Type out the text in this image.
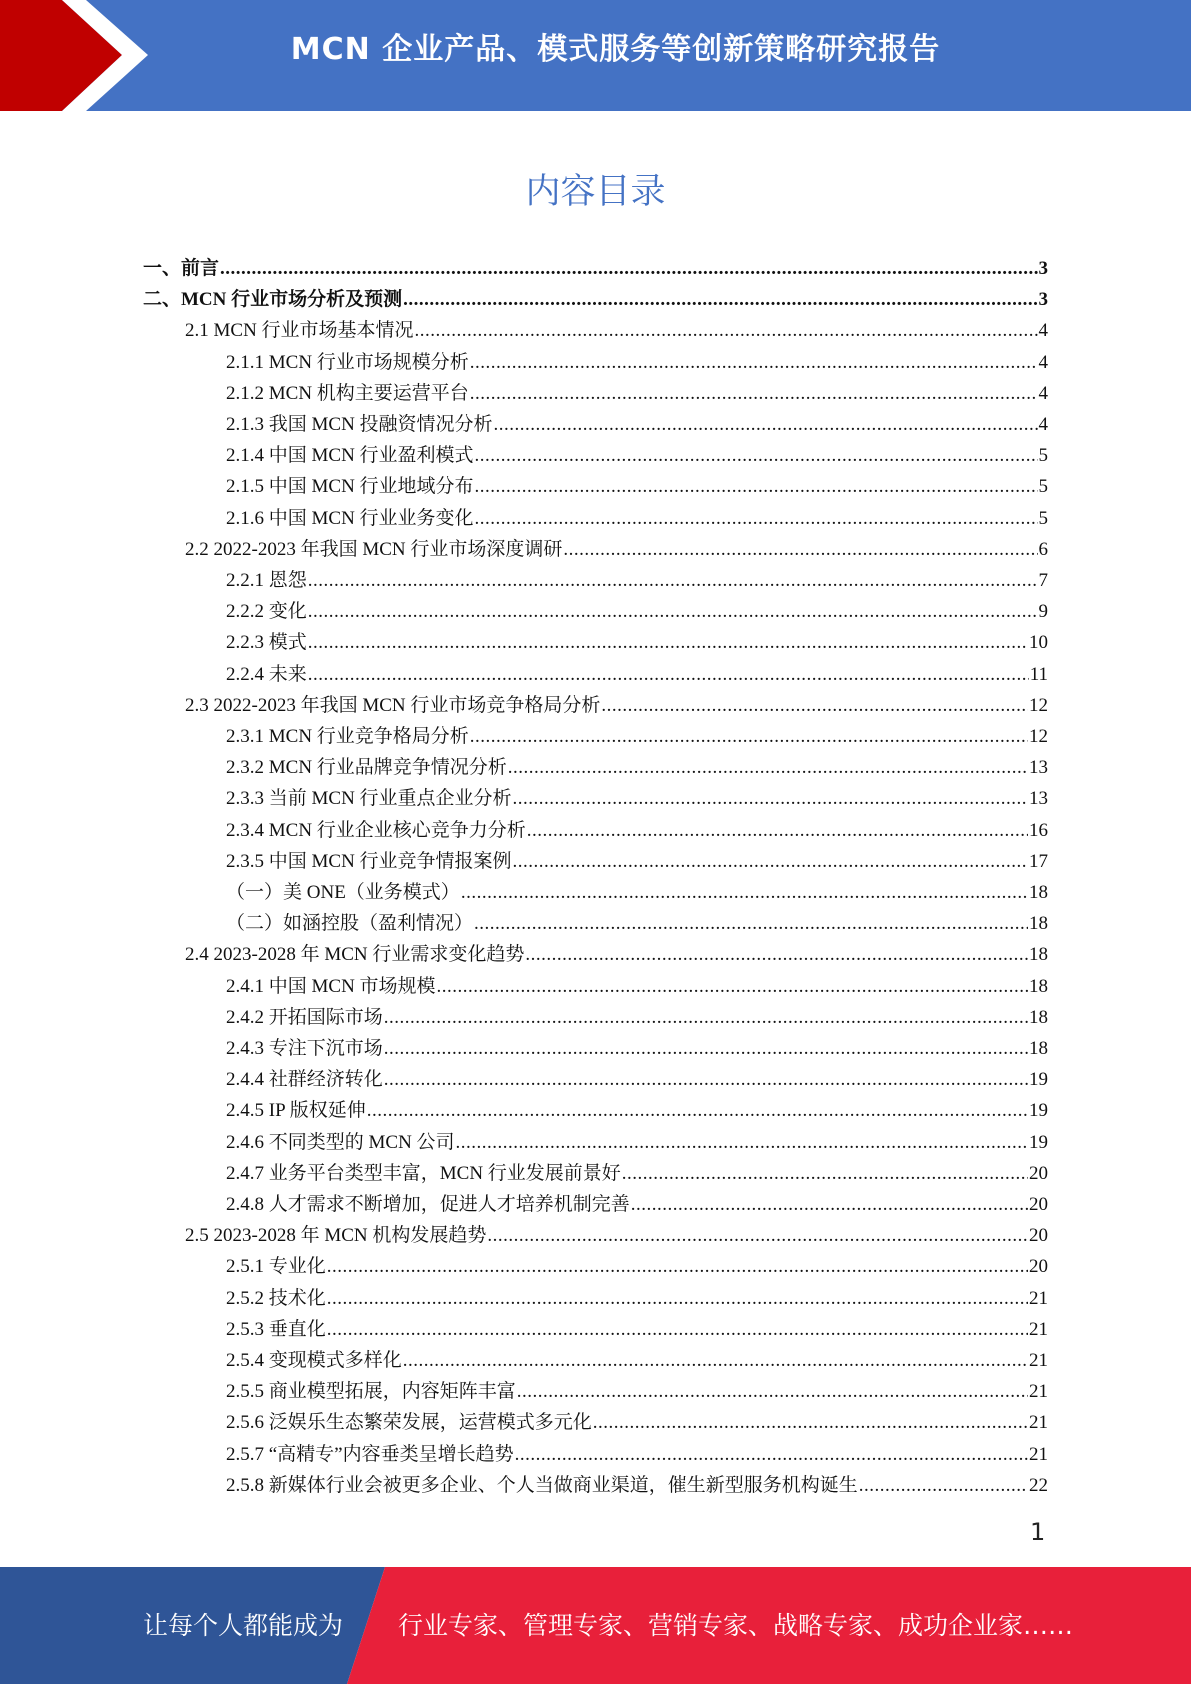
MCN 企业产品、模式服务等创新策略研究报告
内容目录
一、前言 .....	3
二、MCN 行业市场分析及预测 .....	3
2.1 MCN 行业市场基本情况 .....	4
2.1.1 MCN 行业市场规模分析 .....	4
2.1.2 MCN 机构主要运营平台 .....	4
2.1.3 我国 MCN 投融资情况分析 .....	4
2.1.4 中国 MCN 行业盈利模式 .....	5
2.1.5 中国 MCN 行业地域分布 .....	5
2.1.6 中国 MCN 行业业务变化 .....	5
2.2 2022-2023 年我国 MCN 行业市场深度调研 .....	6
2.2.1 恩怨 .....	7
2.2.2 变化 .....	9
2.2.3 模式 .....	10
2.2.4 未来 .....	11
2.3 2022-2023 年我国 MCN 行业市场竞争格局分析 .....	12
2.3.1 MCN 行业竞争格局分析 .....	12
2.3.2 MCN 行业品牌竞争情况分析 .....	13
2.3.3 当前 MCN 行业重点企业分析 .....	13
2.3.4 MCN 行业企业核心竞争力分析 .....	16
2.3.5 中国 MCN 行业竞争情报案例 .....	17
（一）美 ONE（业务模式） .....	18
（二）如涵控股（盈利情况） .....	18
2.4 2023-2028 年 MCN 行业需求变化趋势 .....	18
2.4.1 中国 MCN 市场规模 .....	18
2.4.2 开拓国际市场 .....	18
2.4.3 专注下沉市场 .....	18
2.4.4 社群经济转化 .....	19
2.4.5 IP 版权延伸 .....	19
2.4.6 不同类型的 MCN 公司 .....	19
2.4.7 业务平台类型丰富，MCN 行业发展前景好 .....	20
2.4.8 人才需求不断增加，促进人才培养机制完善 .....	20
2.5 2023-2028 年 MCN 机构发展趋势 .....	20
2.5.1 专业化 .....	20
2.5.2 技术化 .....	21
2.5.3 垂直化 .....	21
2.5.4 变现模式多样化 .....	21
2.5.5 商业模型拓展，内容矩阵丰富 .....	21
2.5.6 泛娱乐生态繁荣发展，运营模式多元化 .....	21
2.5.7 “高精专”内容垂类呈增长趋势 .....	21
2.5.8 新媒体行业会被更多企业、个人当做商业渠道，催生新型服务机构诞生 .....	22
1
让每个人都能成为 行业专家、管理专家、营销专家、战略专家、成功企业家……
